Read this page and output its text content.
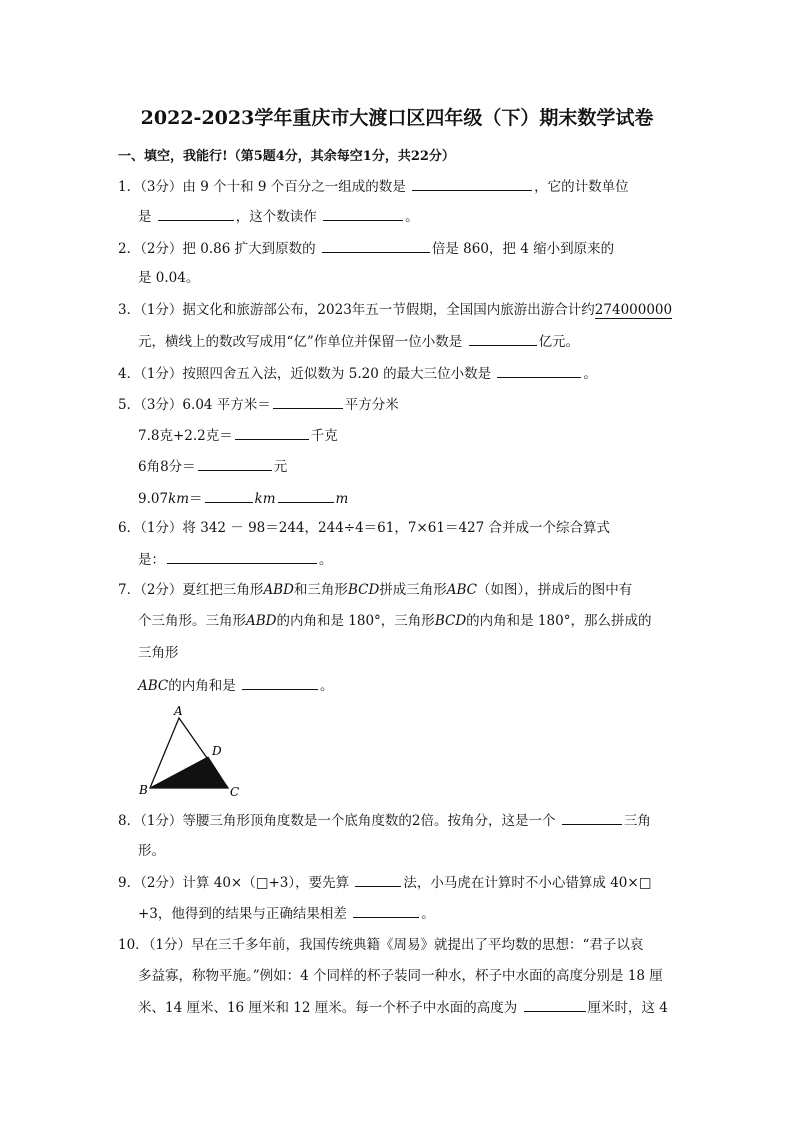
2022-2023学年重庆市大渡口区四年级（下）期末数学试卷
一、填空，我能行!（第5题4分，其余每空1分，共22分）
1．（3分）由 9 个十和 9 个百分之一组成的数是	，它的计数单位
是	，这个数读作	。
2．（2分）把 0.86 扩大到原数的	倍是 860，把 4 缩小到原来的
是 0.04。
3．（1分）据文化和旅游部公布，2023年五一节假期，全国国内旅游出游合计约274000000
元，横线上的数改写成用“亿”作单位并保留一位小数是	亿元。
4．（1分）按照四舍五入法，近似数为 5.20 的最大三位小数是	。
5．（3分）6.04 平方米＝	平方分米
7.8克+2.2克＝	千克
6角8分＝	元
9.07km＝	km	m
6．（1分）将 342 － 98＝244，244÷4＝61，7×61＝427 合并成一个综合算式
是：	。
7．（2分）夏红把三角形ABD和三角形BCD拼成三角形ABC（如图），拼成后的图中有
个三角形。三角形ABD的内角和是 180°，三角形BCD的内角和是 180°，那么拼成的
三角形
ABC的内角和是	。
A
D
B	C
8．（1分）等腰三角形顶角度数是一个底角度数的2倍。按角分，这是一个	三角
形。
9．（2分）计算 40×（□+3），要先算	法，小马虎在计算时不小心错算成 40×□
+3，他得到的结果与正确结果相差	。
10．（1分）早在三千多年前，我国传统典籍《周易》就提出了平均数的思想：“君子以哀
多益寡，称物平施。”例如：4 个同样的杯子装同一种水，杯子中水面的高度分别是 18 厘
米、14 厘米、16 厘米和 12 厘米。每一个杯子中水面的高度为	厘米时，这 4
